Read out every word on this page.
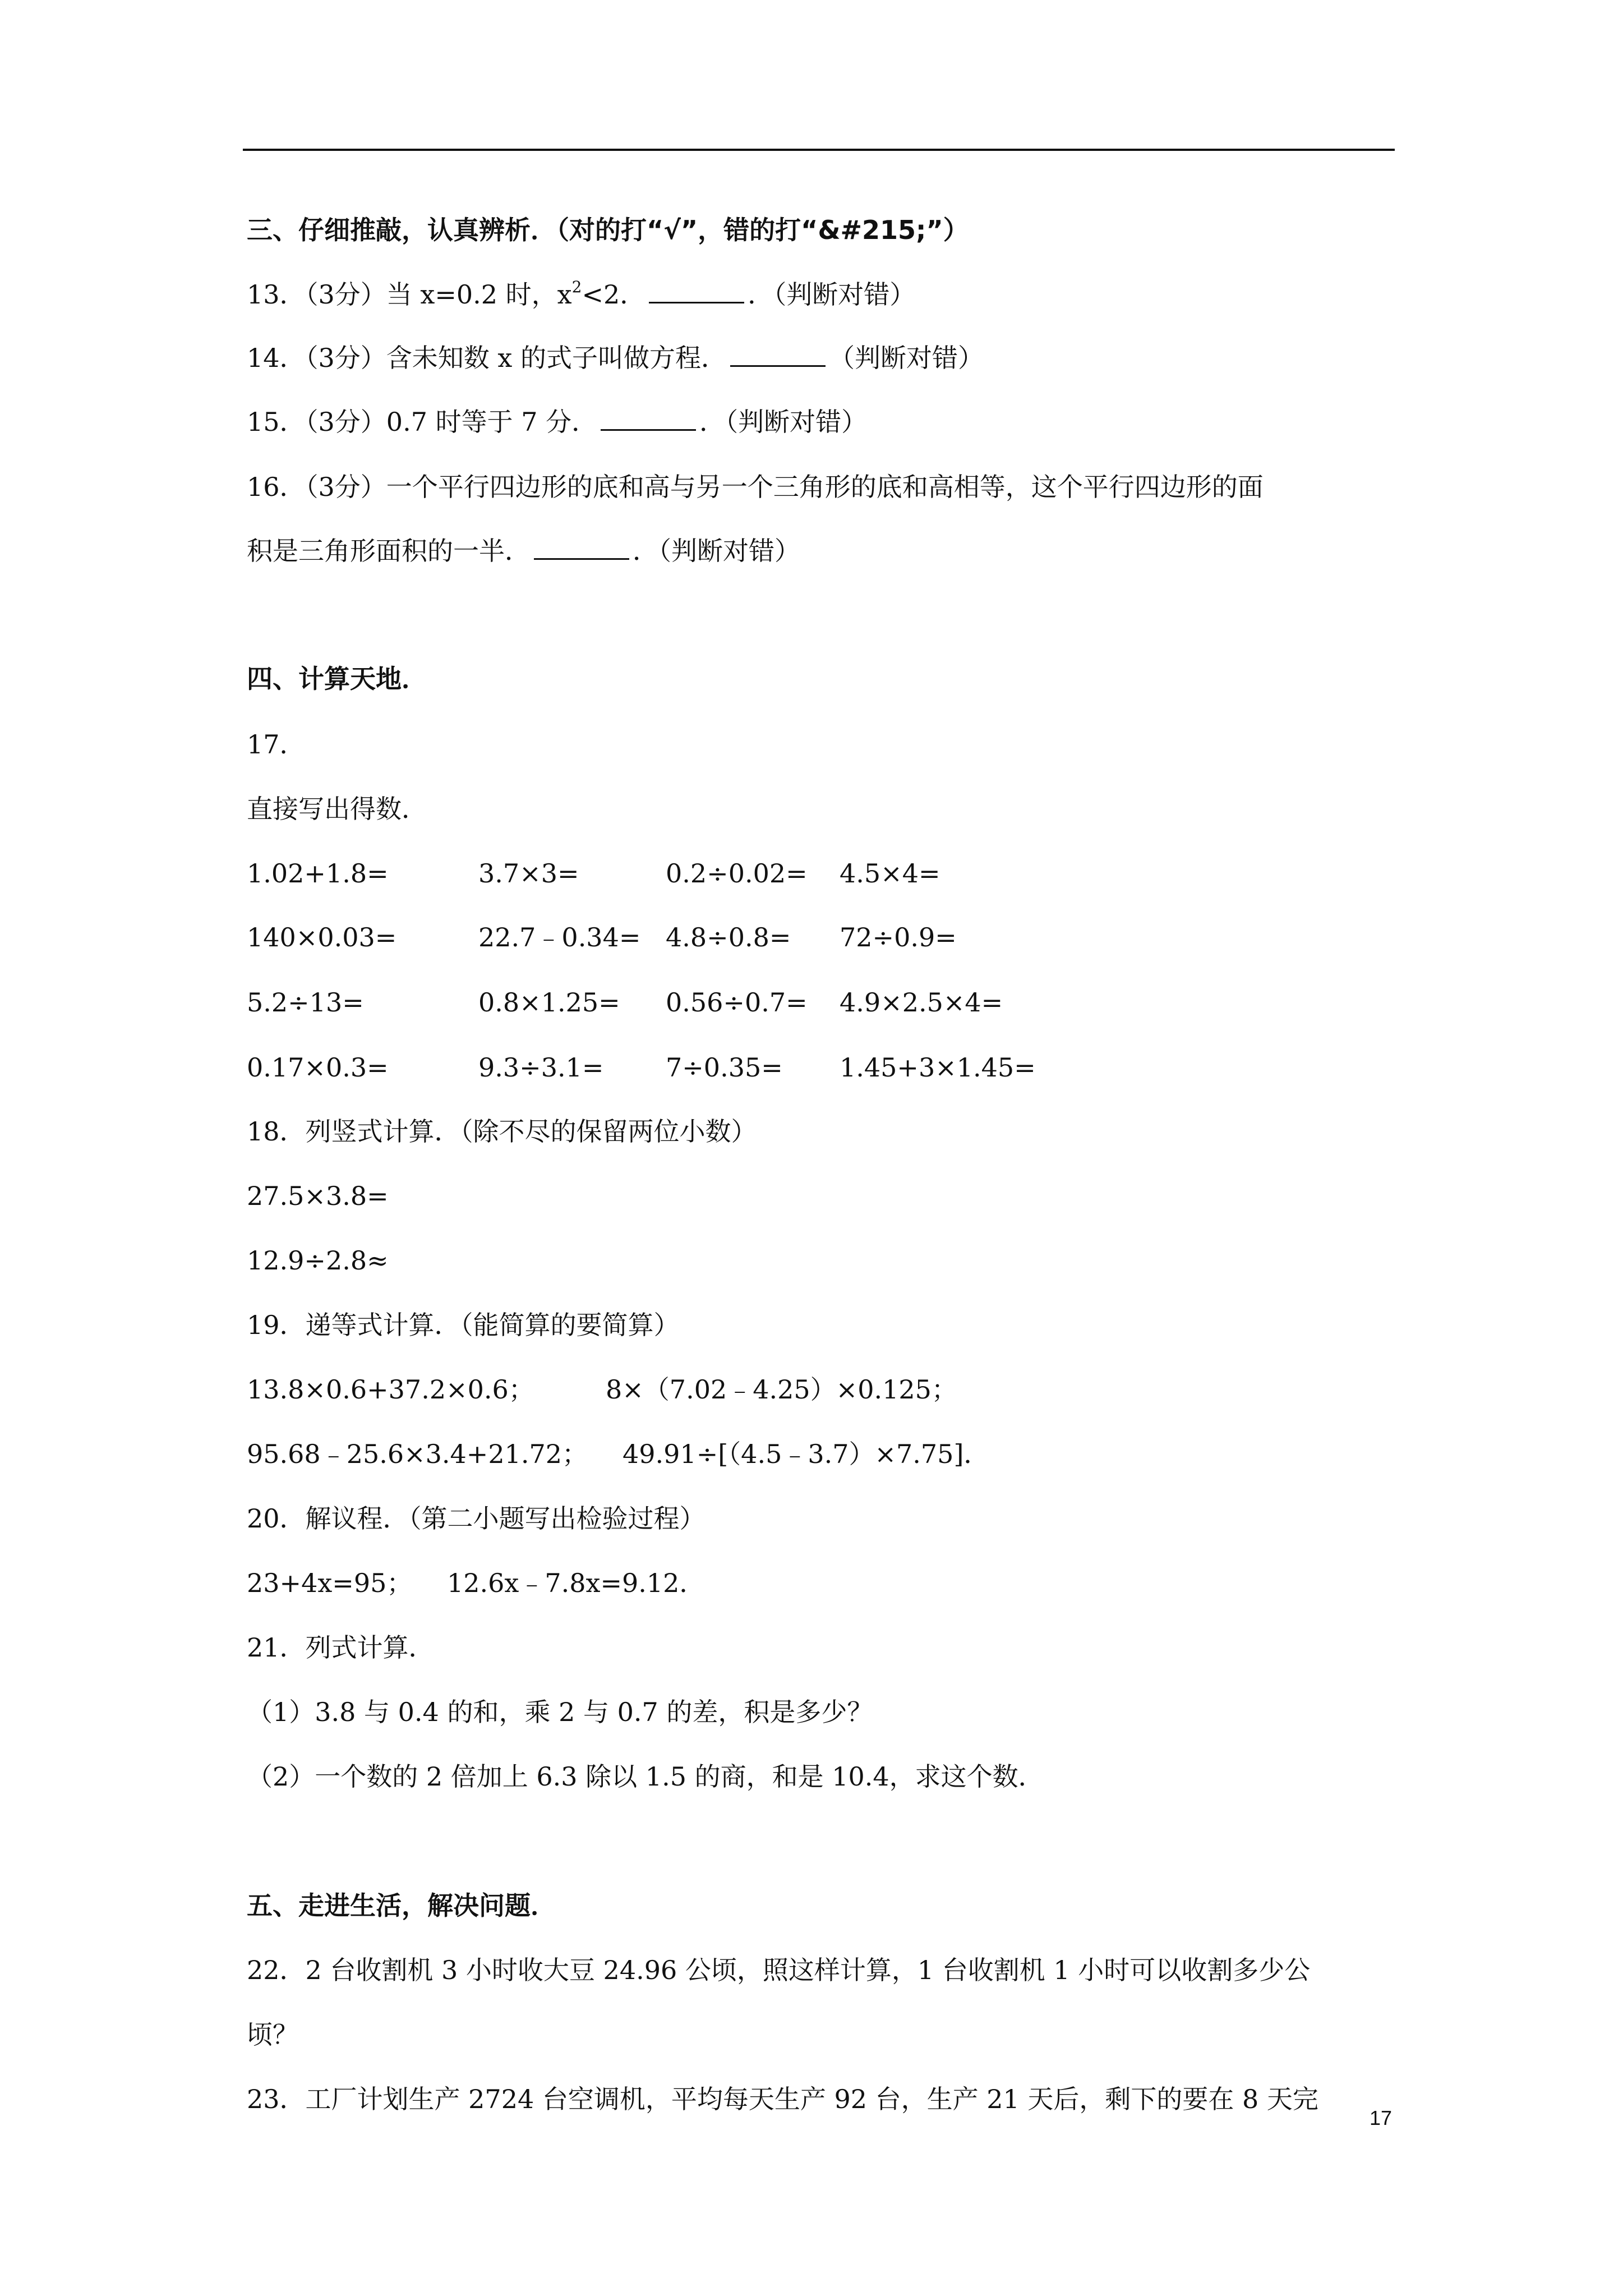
三、仔细推敲，认真辨析．（对的打“√”，错的打“&#215;”）
13．（3分）当 x=0.2 时，$x^2<2$．	．（判断对错）
14．（3分）含未知数 x 的式子叫做方程．	（判断对错）
15．（3分）0.7 时等于 7 分．	．（判断对错）
16．（3分）一个平行四边形的底和高与另一个三角形的底和高相等，这个平行四边形的面
积是三角形面积的一半．	．（判断对错）
四、计算天地．
17．
直接写出得数．
1.02+1.8=	3.7×3=	0.2÷0.02= 4.5×4=
140×0.03=	22.7﹣0.34= 4.8÷0.8= 72÷0.9=
5.2÷13=	0.8×1.25= 0.56÷0.7= 4.9×2.5×4=
0.17×0.3=	9.3÷3.1= 7÷0.35= 1.45+3×1.45=
18．列竖式计算．（除不尽的保留两位小数）
27.5×3.8=
12.9÷2.8≈
19．递等式计算．（能简算的要简算）
13.8×0.6+37.2×0.6；	8×（7.02﹣4.25）×0.125；
95.68﹣25.6×3.4+21.72； 49.91÷[（4.5﹣3.7）×7.75]．
20．解议程．（第二小题写出检验过程）
23+4x=95； 12.6x﹣7.8x=9.12．
21．列式计算．
（1）3.8 与 0.4 的和，乘 2 与 0.7 的差，积是多少？
（2）一个数的 2 倍加上 6.3 除以 1.5 的商，和是 10.4，求这个数．
五、走进生活，解决问题．
22．2 台收割机 3 小时收大豆 24.96 公顷，照这样计算，1 台收割机 1 小时可以收割多少公
顷？
23．工厂计划生产 2724 台空调机，平均每天生产 92 台，生产 21 天后，剩下的要在 8 天完
17
